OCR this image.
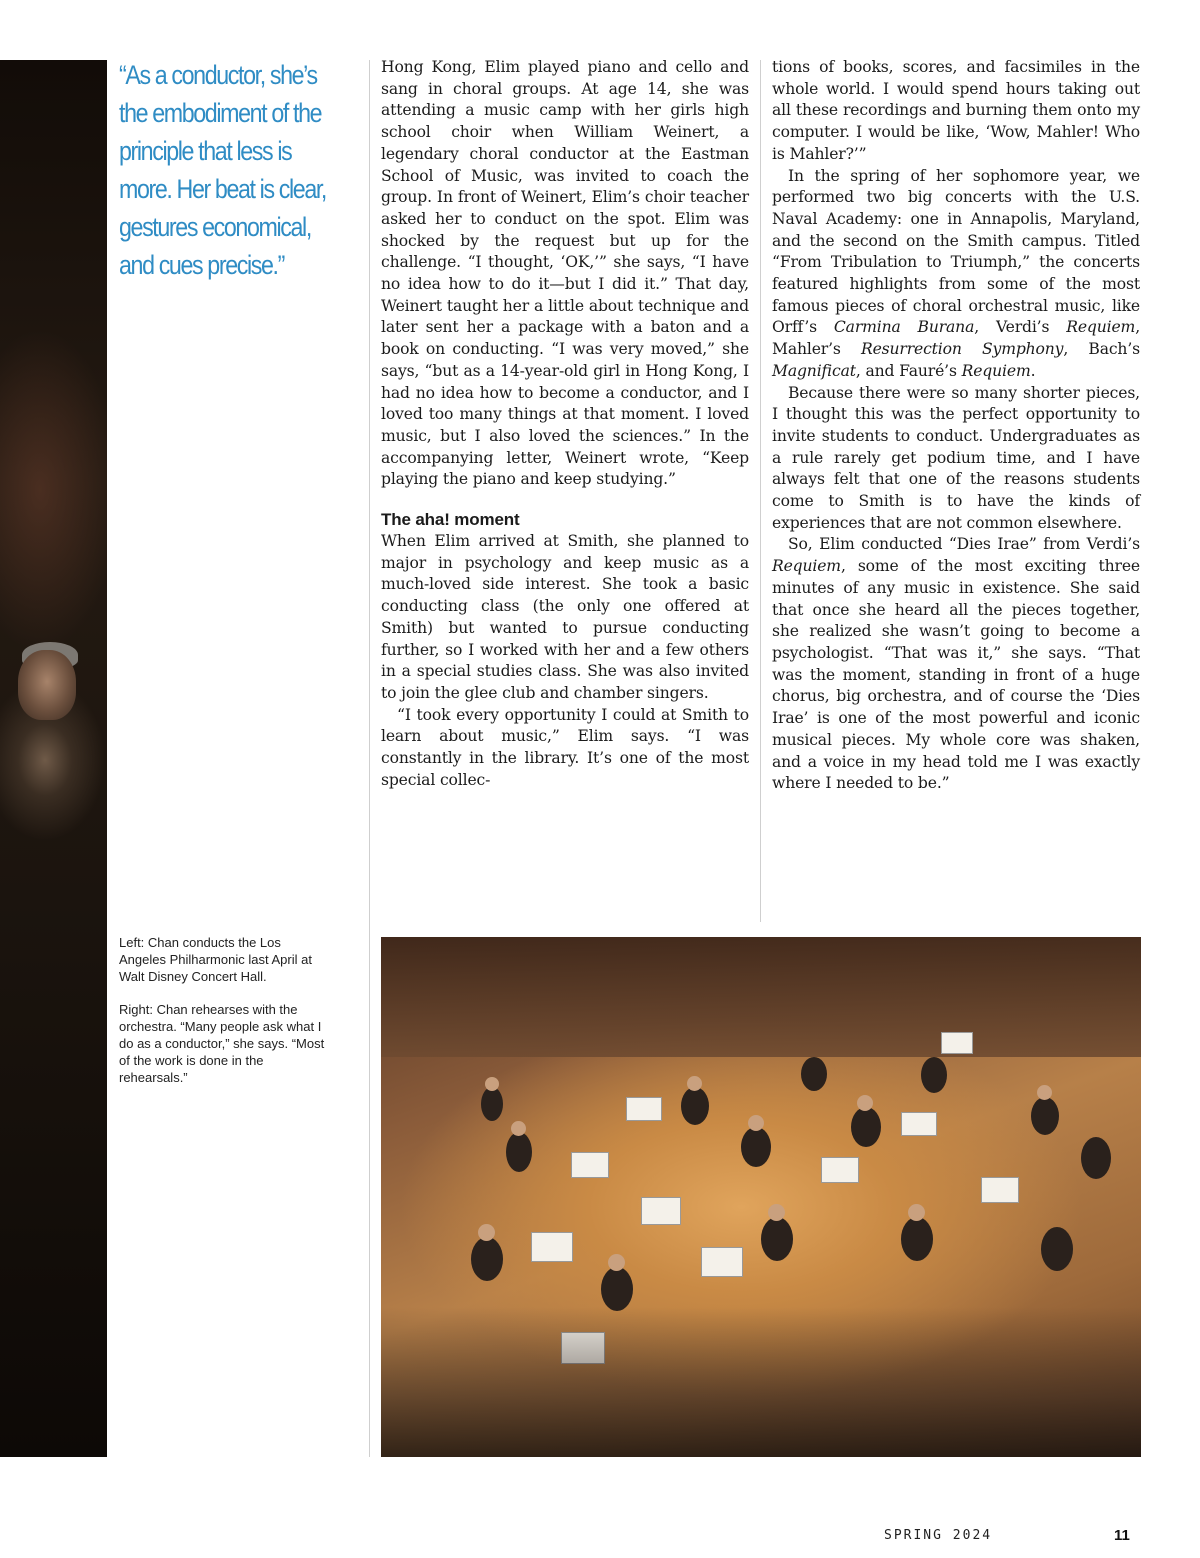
“As a conductor, she’s the embodiment of the principle that less is more. Her beat is clear, gestures economical, and cues precise.”

Left: Chan conducts the Los Angeles Philharmonic last April at Walt Disney Concert Hall.

Right: Chan rehearses with the orchestra. “Many people ask what I do as a conductor,” she says. “Most of the work is done in the rehearsals.”

Hong Kong, Elim played piano and cello and sang in choral groups. At age 14, she was attending a music camp with her girls high school choir when William Weinert, a legendary choral conductor at the Eastman School of Music, was invited to coach the group. In front of Weinert, Elim’s choir teacher asked her to conduct on the spot. Elim was shocked by the request but up for the challenge. “I thought, ‘OK,’” she says, “I have no idea how to do it—but I did it.” That day, Weinert taught her a little about technique and later sent her a package with a baton and a book on conducting. “I was very moved,” she says, “but as a 14-year-old girl in Hong Kong, I had no idea how to become a conductor, and I loved too many things at that moment. I loved music, but I also loved the sciences.” In the accompanying letter, Weinert wrote, “Keep playing the piano and keep studying.”

The aha! moment

When Elim arrived at Smith, she planned to major in psychology and keep music as a much-loved side interest. She took a basic conducting class (the only one offered at Smith) but wanted to pursue conducting further, so I worked with her and a few others in a special studies class. She was also invited to join the glee club and chamber singers.

“I took every opportunity I could at Smith to learn about music,” Elim says. “I was constantly in the library. It’s one of the most special collec-

tions of books, scores, and facsimiles in the whole world. I would spend hours taking out all these recordings and burning them onto my computer. I would be like, ‘Wow, Mahler! Who is Mahler?’”

In the spring of her sophomore year, we performed two big concerts with the U.S. Naval Academy: one in Annapolis, Maryland, and the second on the Smith campus. Titled “From Tribulation to Triumph,” the concerts featured highlights from some of the most famous pieces of choral orchestral music, like Orff’s Carmina Burana, Verdi’s Requiem, Mahler’s Resurrection Symphony, Bach’s Magnificat, and Fauré’s Requiem.

Because there were so many shorter pieces, I thought this was the perfect opportunity to invite students to conduct. Undergraduates as a rule rarely get podium time, and I have always felt that one of the reasons students come to Smith is to have the kinds of experiences that are not common elsewhere.

So, Elim conducted “Dies Irae” from Verdi’s Requiem, some of the most exciting three minutes of any music in existence. She said that once she heard all the pieces together, she realized she wasn’t going to become a psychologist. “That was it,” she says. “That was the moment, standing in front of a huge chorus, big orchestra, and of course the ‘Dies Irae’ is one of the most powerful and iconic musical pieces. My whole core was shaken, and a voice in my head told me I was exactly where I needed to be.”

SPRING 2024	11
